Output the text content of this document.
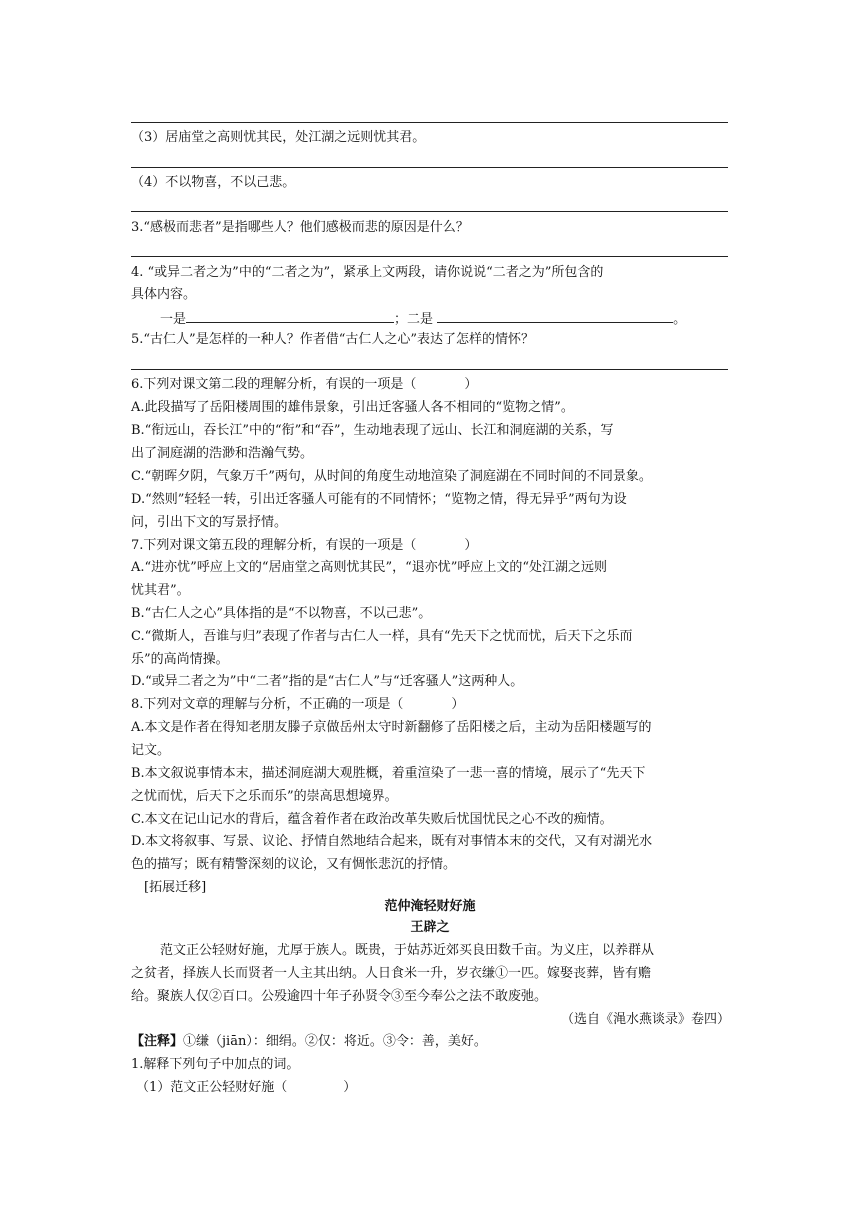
（3）居庙堂之高则忧其民，处江湖之远则忧其君。
（4）不以物喜，不以己悲。
3.“感极而悲者”是指哪些人？他们感极而悲的原因是什么？
4. “或异二者之为”中的“二者之为”，紧承上文两段，请你说说“二者之为”所包含的
具体内容。
一是	；二是	。
5.“古仁人”是怎样的一种人？作者借“古仁人之心”表达了怎样的情怀？
6.下列对课文第二段的理解分析，有误的一项是（	）
A.此段描写了岳阳楼周围的雄伟景象，引出迁客骚人各不相同的“览物之情”。
B.“衔远山，吞长江”中的“衔”和“吞”，生动地表现了远山、长江和洞庭湖的关系，写
出了洞庭湖的浩渺和浩瀚气势。
C.“朝晖夕阴，气象万千”两句，从时间的角度生动地渲染了洞庭湖在不同时间的不同景象。
D.“然则”轻轻一转，引出迁客骚人可能有的不同情怀；“览物之情，得无异乎”两句为设
问，引出下文的写景抒情。
7.下列对课文第五段的理解分析，有误的一项是（	）
A.“进亦忧”呼应上文的“居庙堂之高则忧其民”，“退亦忧”呼应上文的“处江湖之远则
忧其君”。
B.“古仁人之心”具体指的是“不以物喜，不以己悲”。
C.“微斯人，吾谁与归”表现了作者与古仁人一样，具有“先天下之忧而忧，后天下之乐而
乐”的高尚情操。
D.“或异二者之为”中“二者”指的是“古仁人”与“迁客骚人”这两种人。
8.下列对文章的理解与分析，不正确的一项是（	）
A.本文是作者在得知老朋友滕子京做岳州太守时新翻修了岳阳楼之后，主动为岳阳楼题写的
记文。
B.本文叙说事情本末，描述洞庭湖大观胜概，着重渲染了一悲一喜的情境，展示了“先天下
之忧而忧，后天下之乐而乐”的崇高思想境界。
C.本文在记山记水的背后，蕴含着作者在政治改革失败后忧国忧民之心不改的痴情。
D.本文将叙事、写景、议论、抒情自然地结合起来，既有对事情本末的交代，又有对湖光水
色的描写；既有精警深刻的议论，又有惆怅悲沉的抒情。
[拓展迁移]
范仲淹轻财好施
王辟之
范文正公轻财好施，尤厚于族人。既贵，于姑苏近郊买良田数千亩。为义庄，以养群从
之贫者，择族人长而贤者一人主其出纳。人日食米一升，岁衣缣①一匹。嫁娶丧葬，皆有赡
给。聚族人仅②百口。公殁逾四十年子孙贤令③至今奉公之法不敢废弛。
（选自《渑水燕谈录》卷四）
【注释】①缣（jiān）：细绢。②仅：将近。③令：善，美好。
1.解释下列句子中加点的词。
（1）范文正公轻财好施（	）
